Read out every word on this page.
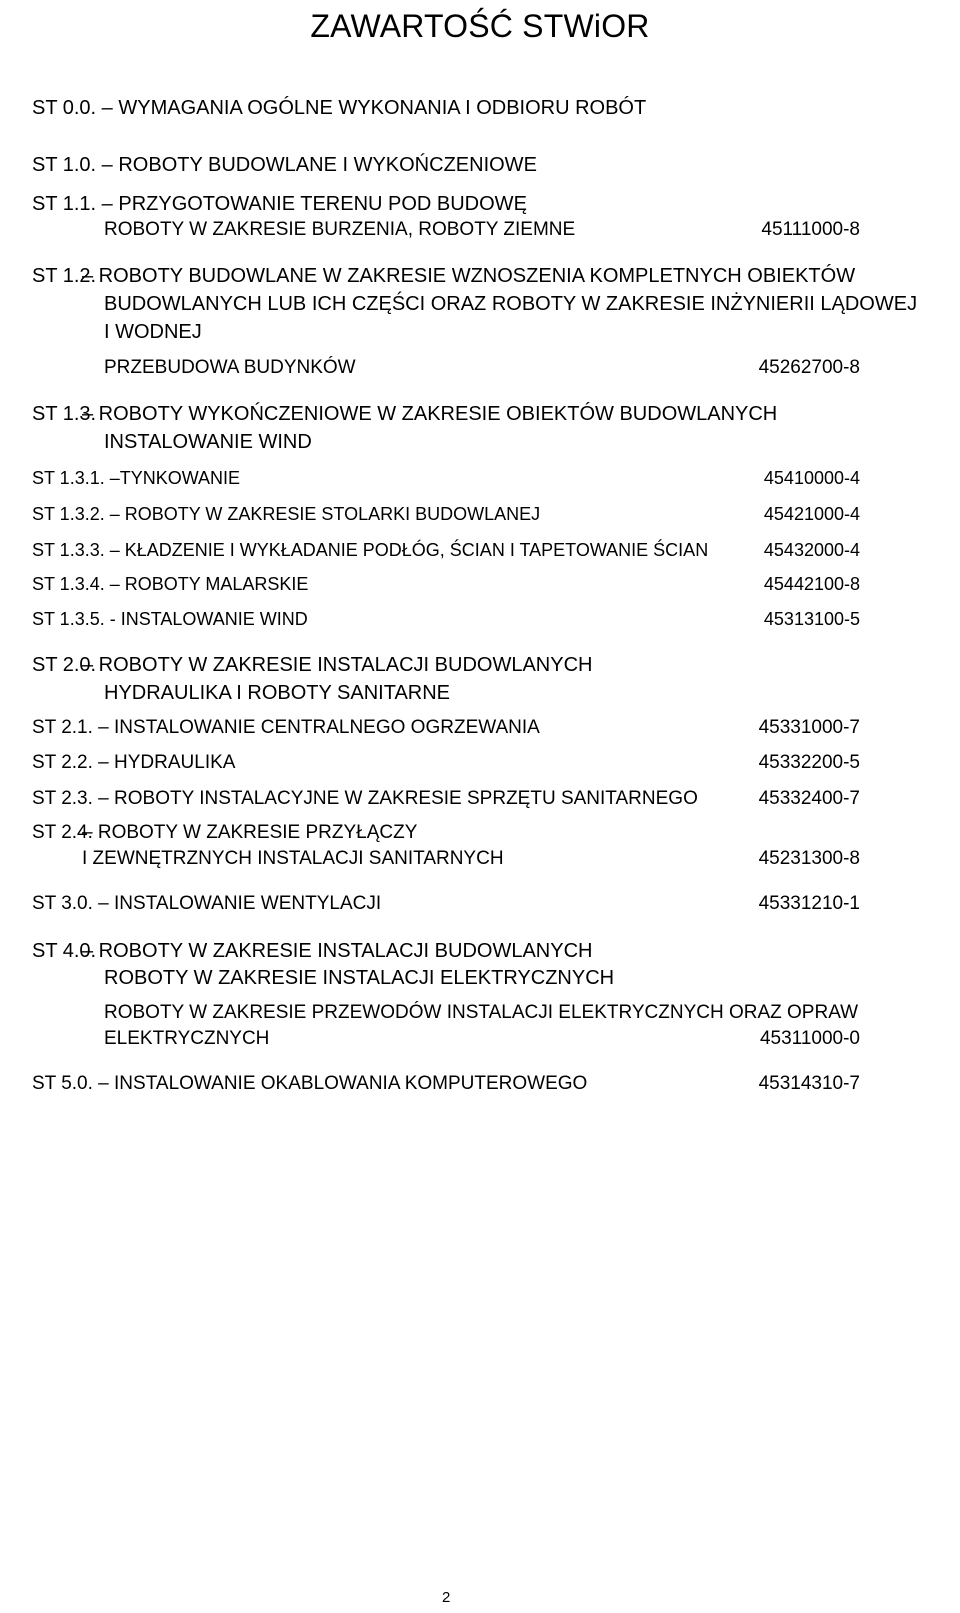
ZAWARTOŚĆ STWiOR
ST 0.0. – WYMAGANIA OGÓLNE WYKONANIA I ODBIORU ROBÓT
ST 1.0. – ROBOTY BUDOWLANE I WYKOŃCZENIOWE
ST 1.1. – PRZYGOTOWANIE TERENU POD BUDOWĘ
ROBOTY W ZAKRESIE BURZENIA, ROBOTY ZIEMNE	45111000-8
ST 1.2.
– ROBOTY BUDOWLANE W ZAKRESIE WZNOSZENIA KOMPLETNYCH OBIEKTÓW
BUDOWLANYCH LUB ICH CZĘŚCI ORAZ ROBOTY W ZAKRESIE INŻYNIERII LĄDOWEJ
I WODNEJ
PRZEBUDOWA BUDYNKÓW	45262700-8
ST 1.3.
– ROBOTY WYKOŃCZENIOWE W ZAKRESIE OBIEKTÓW BUDOWLANYCH
INSTALOWANIE WIND
ST 1.3.1. –TYNKOWANIE	45410000-4
ST 1.3.2. – ROBOTY W ZAKRESIE STOLARKI BUDOWLANEJ	45421000-4
ST 1.3.3. – KŁADZENIE I WYKŁADANIE PODŁÓG, ŚCIAN I TAPETOWANIE ŚCIAN	45432000-4
ST 1.3.4. – ROBOTY MALARSKIE	45442100-8
ST 1.3.5. - INSTALOWANIE WIND	45313100-5
ST 2.0.
– ROBOTY W ZAKRESIE INSTALACJI BUDOWLANYCH
HYDRAULIKA I ROBOTY SANITARNE
ST 2.1. – INSTALOWANIE CENTRALNEGO OGRZEWANIA	45331000-7
ST 2.2. – HYDRAULIKA	45332200-5
ST 2.3. – ROBOTY INSTALACYJNE W ZAKRESIE SPRZĘTU SANITARNEGO	45332400-7
ST 2.4.
– ROBOTY W ZAKRESIE PRZYŁĄCZY
I ZEWNĘTRZNYCH INSTALACJI SANITARNYCH	45231300-8
ST 3.0. – INSTALOWANIE WENTYLACJI	45331210-1
ST 4.0.
– ROBOTY W ZAKRESIE INSTALACJI BUDOWLANYCH
ROBOTY W ZAKRESIE INSTALACJI ELEKTRYCZNYCH
ROBOTY W ZAKRESIE PRZEWODÓW INSTALACJI ELEKTRYCZNYCH ORAZ OPRAW
ELEKTRYCZNYCH	45311000-0
ST 5.0. – INSTALOWANIE OKABLOWANIA KOMPUTEROWEGO	45314310-7
2
